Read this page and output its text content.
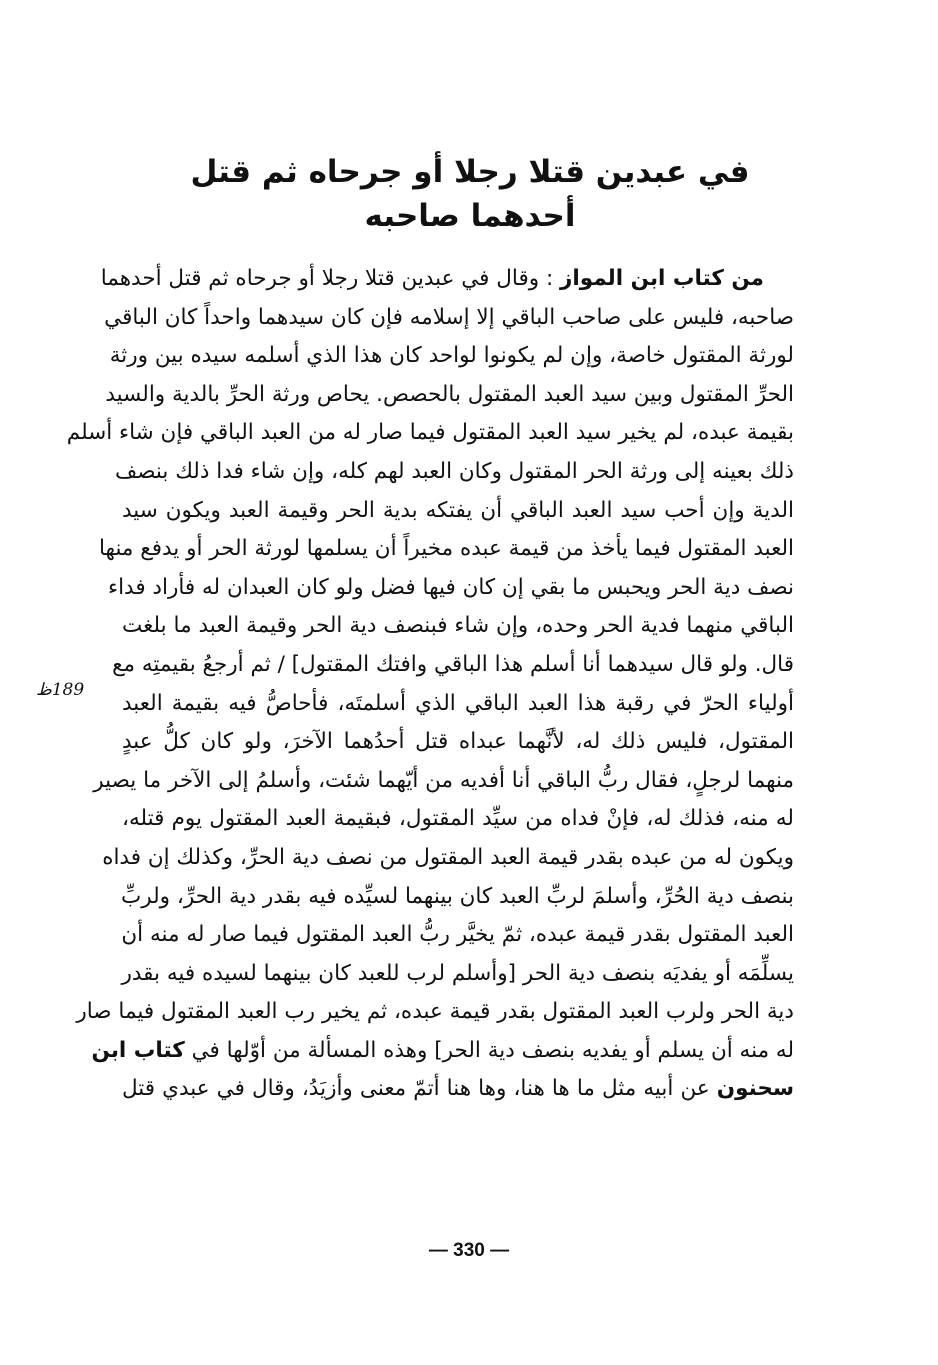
في عبدين قتلا رجلا أو جرحاه ثم قتل
أحدهما صاحبه
من كتاب ابن المواز : وقال في عبدين قتلا رجلا أو جرحاه ثم قتل أحدهما
صاحبه، فليس على صاحب الباقي إلا إسلامه فإن كان سيدهما واحداً كان الباقي
لورثة المقتول خاصة، وإن لم يكونوا لواحد كان هذا الذي أسلمه سيده بين ورثة
الحرِّ المقتول وبين سيد العبد المقتول بالحصص. يحاص ورثة الحرِّ بالدية والسيد
بقيمة عبده، لم يخير سيد العبد المقتول فيما صار له من العبد الباقي فإن شاء أسلم
ذلك بعينه إلى ورثة الحر المقتول وكان العبد لهم كله، وإن شاء فدا ذلك بنصف
الدية وإن أحب سيد العبد الباقي أن يفتكه بدية الحر وقيمة العبد ويكون سيد
العبد المقتول فيما يأخذ من قيمة عبده مخيراً أن يسلمها لورثة الحر أو يدفع منها
نصف دية الحر ويحبس ما بقي إن كان فيها فضل ولو كان العبدان له فأراد فداء
الباقي منهما فدية الحر وحده، وإن شاء فبنصف دية الحر وقيمة العبد ما بلغت
قال. ولو قال سيدهما أنا أسلم هذا الباقي وافتك المقتول] / ثم أرجعُ بقيمتِه مع
أولياء الحرّ في رقبة هذا العبد الباقي الذي أسلمتَه، فأحاصُّ فيه بقيمة العبد
المقتول، فليس ذلك له، لأنَّهما عبداه قتل أحدُهما الآخرَ، ولو كان كلُّ عبدٍ
منهما لرجلٍ، فقال ربُّ الباقي أنا أفديه من أيّهما شئت، وأسلمُ إلى الآخر ما يصير
له منه، فذلك له، فإنْ فداه من سيِّد المقتول، فبقيمة العبد المقتول يوم قتله،
ويكون له من عبده بقدر قيمة العبد المقتول من نصف دية الحرِّ، وكذلك إن فداه
بنصف دية الحُرِّ، وأسلمَ لربِّ العبد كان بينهما لسيِّده فيه بقدر دية الحرِّ، ولربِّ
العبد المقتول بقدر قيمة عبده، ثمّ يخيَّر ربُّ العبد المقتول فيما صار له منه أن
يسلِّمَه أو يفديَه بنصف دية الحر [وأسلم لرب للعبد كان بينهما لسيده فيه بقدر
دية الحر ولرب العبد المقتول بقدر قيمة عبده، ثم يخير رب العبد المقتول فيما صار
له منه أن يسلم أو يفديه بنصف دية الحر] وهذه المسألة من أوّلها في كتاب ابن
سحنون عن أبيه مثل ما ها هنا، وها هنا أتمّ معنى وأزيَدُ، وقال في عبدي قتل
189ظ
— 330 —
